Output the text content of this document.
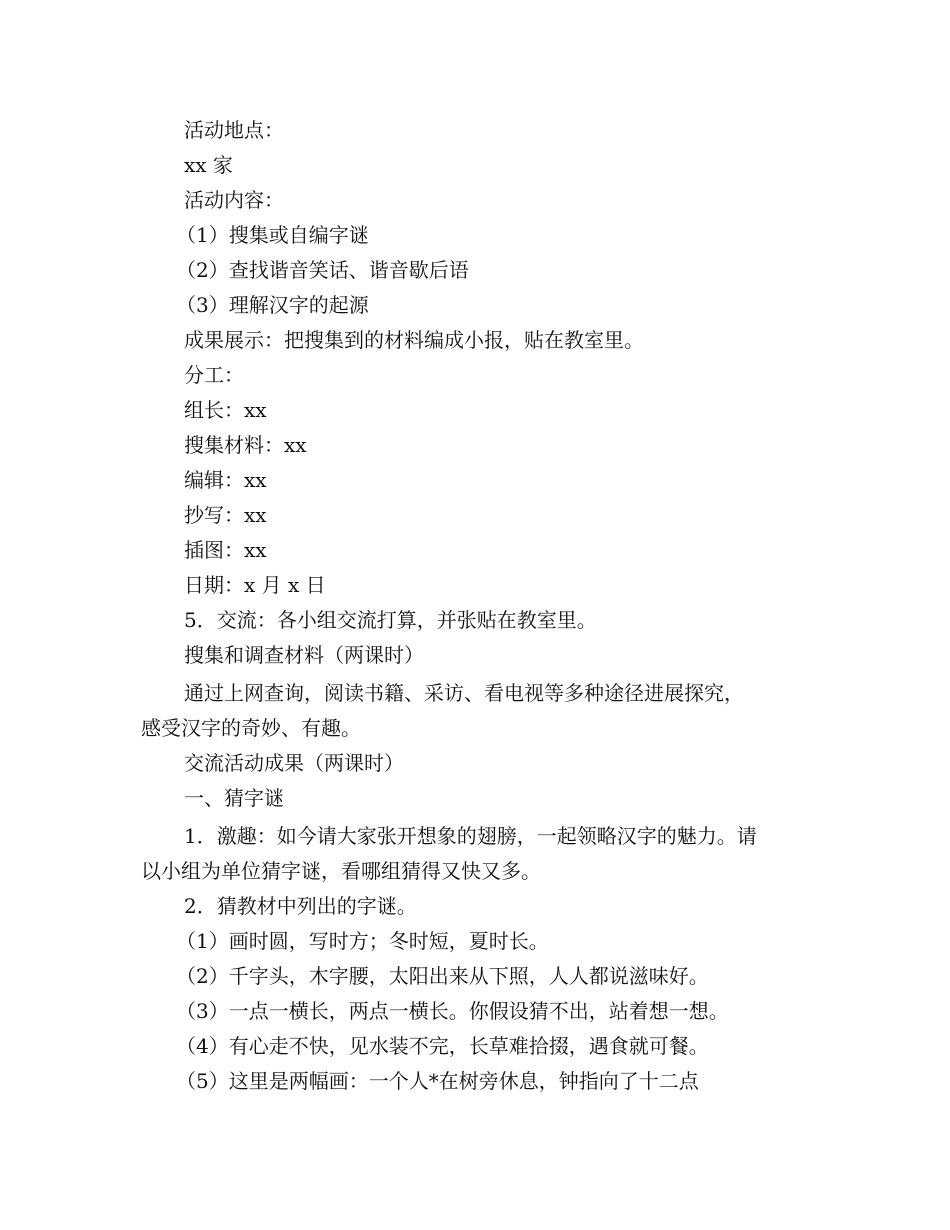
活动地点：
xx 家
活动内容：
（1）搜集或自编字谜
（2）查找谐音笑话、谐音歇后语
（3）理解汉字的起源
成果展示：把搜集到的材料编成小报，贴在教室里。
分工：
组长：xx
搜集材料：xx
编辑：xx
抄写：xx
插图：xx
日期：x 月 x 日
5．交流：各小组交流打算，并张贴在教室里。
搜集和调查材料（两课时）
通过上网查询，阅读书籍、采访、看电视等多种途径进展探究，
感受汉字的奇妙、有趣。
交流活动成果（两课时）
一、猜字谜
1．激趣：如今请大家张开想象的翅膀，一起领略汉字的魅力。请
以小组为单位猜字谜，看哪组猜得又快又多。
2．猜教材中列出的字谜。
（1）画时圆，写时方；冬时短，夏时长。
（2）千字头，木字腰，太阳出来从下照，人人都说滋味好。
（3）一点一横长，两点一横长。你假设猜不出，站着想一想。
（4）有心走不快，见水装不完，长草难拾掇，遇食就可餐。
（5）这里是两幅画：一个人*在树旁休息，钟指向了十二点
